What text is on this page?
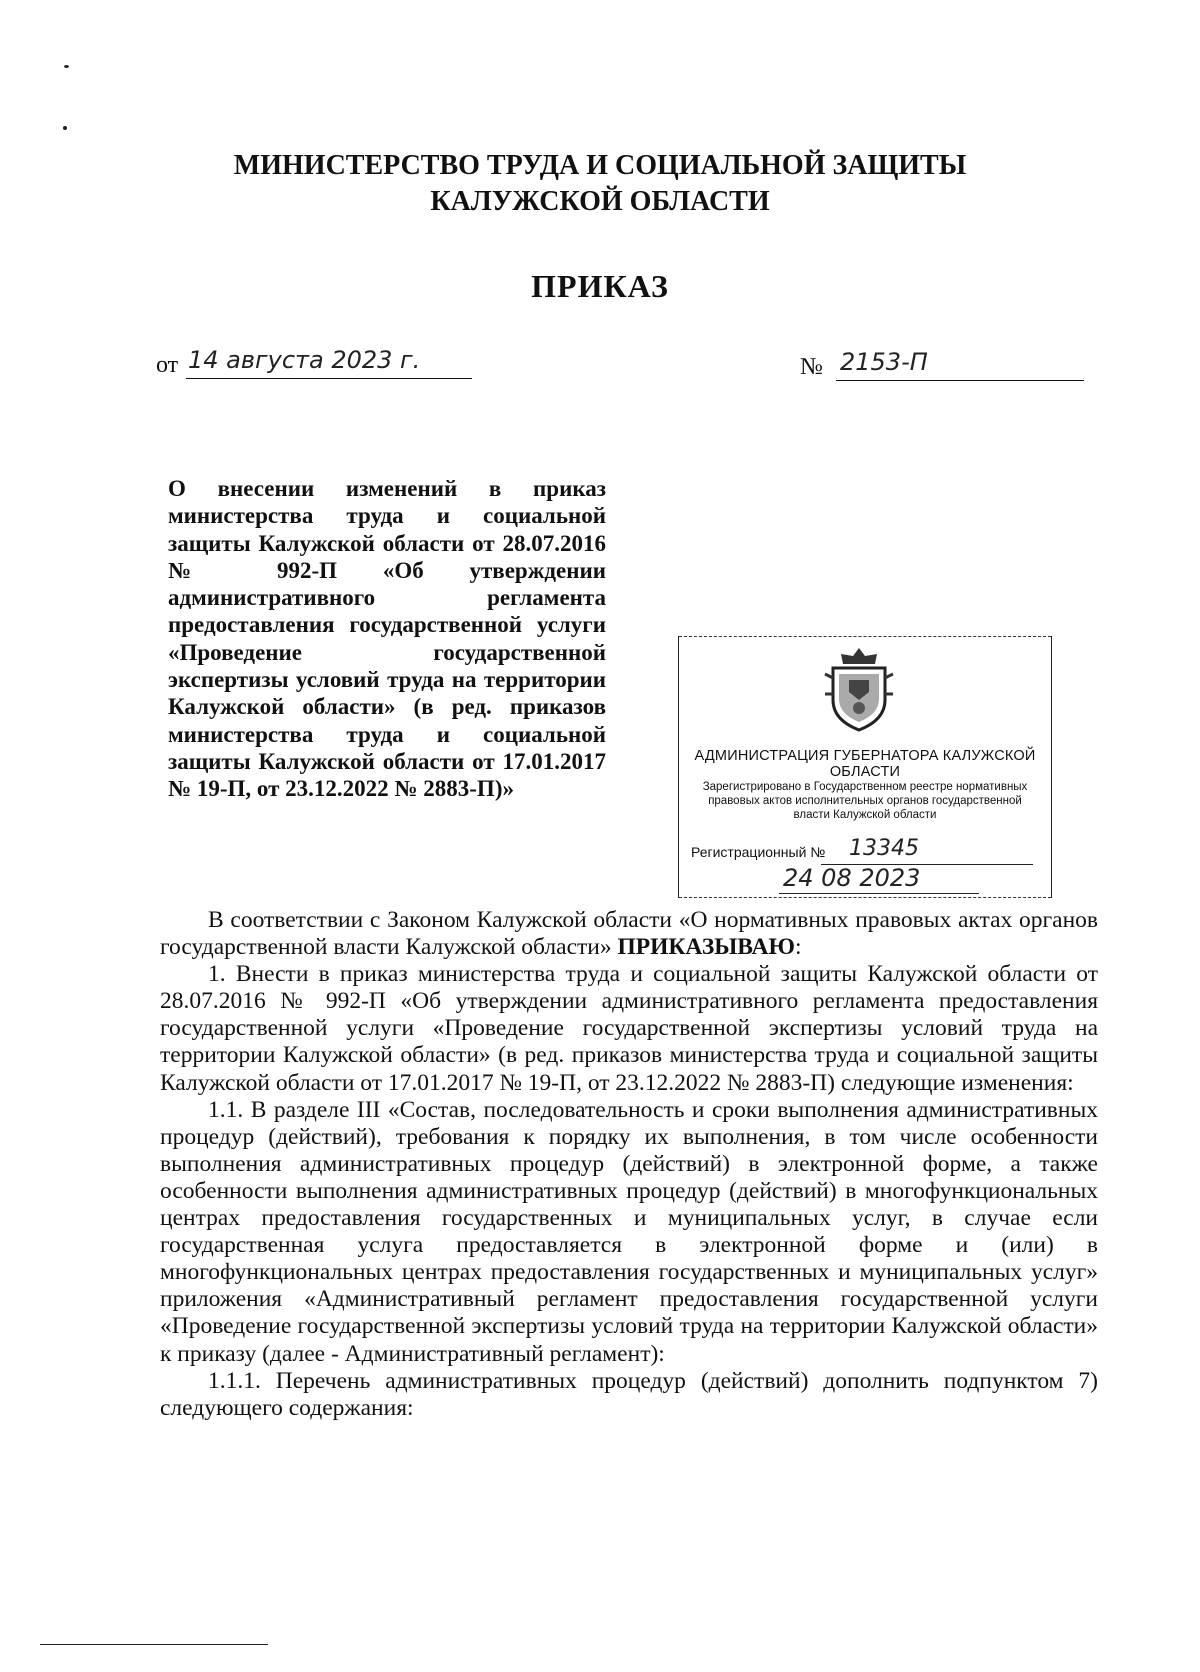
МИНИСТЕРСТВО ТРУДА И СОЦИАЛЬНОЙ ЗАЩИТЫ
КАЛУЖСКОЙ ОБЛАСТИ
ПРИКАЗ
от 14 августа 2023 г.	№ 2153-П
О внесении изменений в приказ министерства труда и социальной защиты Калужской области от 28.07.2016 № 992-П «Об утверждении административного регламента предоставления государственной услуги «Проведение государственной экспертизы условий труда на территории Калужской области» (в ред. приказов министерства труда и социальной защиты Калужской области от 17.01.2017 № 19-П, от 23.12.2022 № 2883-П)»
АДМИНИСТРАЦИЯ ГУБЕРНАТОРА КАЛУЖСКОЙ ОБЛАСТИ
Зарегистрировано в Государственном реестре нормативных правовых актов исполнительных органов государственной власти Калужской области
Регистрационный № 13345
24 08 2023

В соответствии с Законом Калужской области «О нормативных правовых актах органов государственной власти Калужской области» ПРИКАЗЫВАЮ:

1. Внести в приказ министерства труда и социальной защиты Калужской области от 28.07.2016 № 992-П «Об утверждении административного регламента предоставления государственной услуги «Проведение государственной экспертизы условий труда на территории Калужской области» (в ред. приказов министерства труда и социальной защиты Калужской области от 17.01.2017 № 19-П, от 23.12.2022 № 2883-П) следующие изменения:

1.1. В разделе III «Состав, последовательность и сроки выполнения административных процедур (действий), требования к порядку их выполнения, в том числе особенности выполнения административных процедур (действий) в электронной форме, а также особенности выполнения административных процедур (действий) в многофункциональных центрах предоставления государственных и муниципальных услуг, в случае если государственная услуга предоставляется в электронной форме и (или) в многофункциональных центрах предоставления государственных и муниципальных услуг» приложения «Административный регламент предоставления государственной услуги «Проведение государственной экспертизы условий труда на территории Калужской области» к приказу (далее - Административный регламент):

1.1.1. Перечень административных процедур (действий) дополнить подпунктом 7) следующего содержания:
